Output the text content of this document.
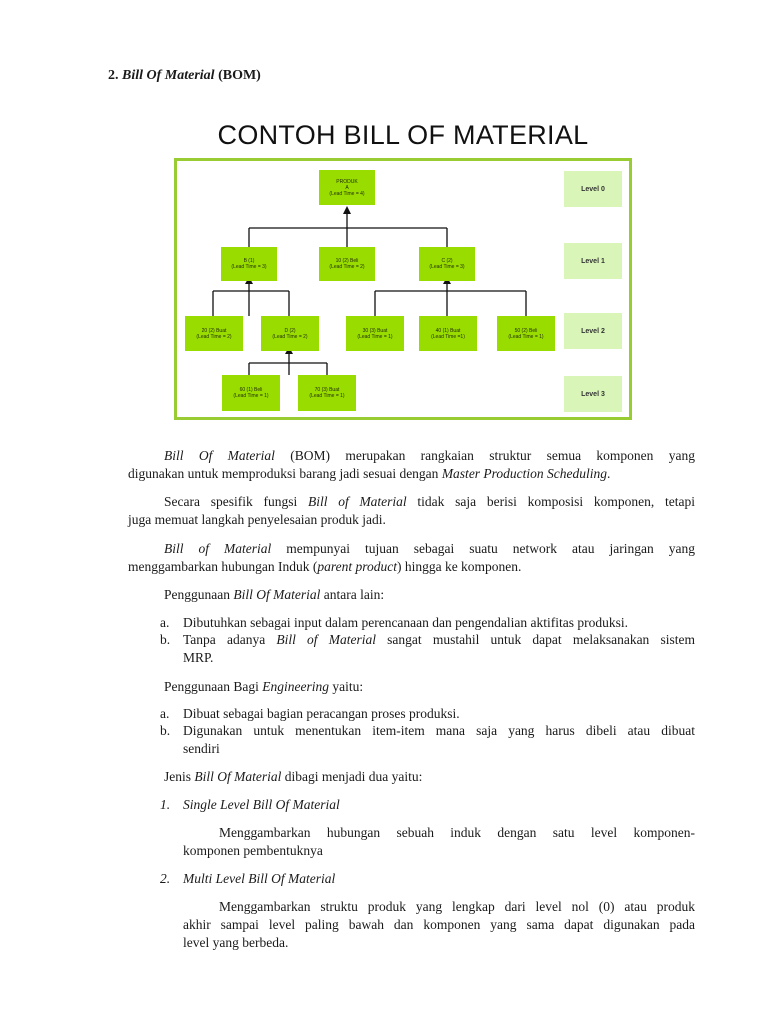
2. Bill Of Material (BOM)
CONTOH BILL OF MATERIAL
PRODUK
A
(Lead Time = 4)
B (1)
(Lead Time = 3)
10 (2) Beli
(Lead Time = 2)
C (2)
(Lead Time = 3)
20 (2) Buat
(Lead Time = 2)
D (2)
(Lead Time = 2)
30 (3) Buat
(Lead Time = 1)
40 (1) Buat
(Lead Time =1)
50 (2) Beli
(Lead Time = 1)
60 (1) Beli
(Lead Time = 1)
70 (3) Buat
(Lead Time = 1)
Level 0
Level 1
Level 2
Level 3
Bill Of Material (BOM) merupakan rangkaian struktur semua komponen yang
digunakan untuk memproduksi barang jadi sesuai dengan Master Production Scheduling.
Secara spesifik fungsi Bill of Material tidak saja berisi komposisi komponen, tetapi
juga memuat langkah penyelesaian produk jadi.
Bill of Material mempunyai tujuan sebagai suatu network atau jaringan yang
menggambarkan hubungan Induk (parent product) hingga ke komponen.
Penggunaan Bill Of Material antara lain:
a. Dibutuhkan sebagai input dalam perencanaan dan pengendalian aktifitas produksi.
b. Tanpa adanya Bill of Material sangat mustahil untuk dapat melaksanakan sistem
MRP.
Penggunaan Bagi Engineering yaitu:
a. Dibuat sebagai bagian peracangan proses produksi.
b. Digunakan untuk menentukan item-item mana saja yang harus dibeli atau dibuat
sendiri
Jenis Bill Of Material dibagi menjadi dua yaitu:
1. Single Level Bill Of Material
Menggambarkan hubungan sebuah induk dengan satu level komponen-
komponen pembentuknya
2. Multi Level Bill Of Material
Menggambarkan struktu produk yang lengkap dari level nol (0) atau produk
akhir sampai level paling bawah dan komponen yang sama dapat digunakan pada
level yang berbeda.
